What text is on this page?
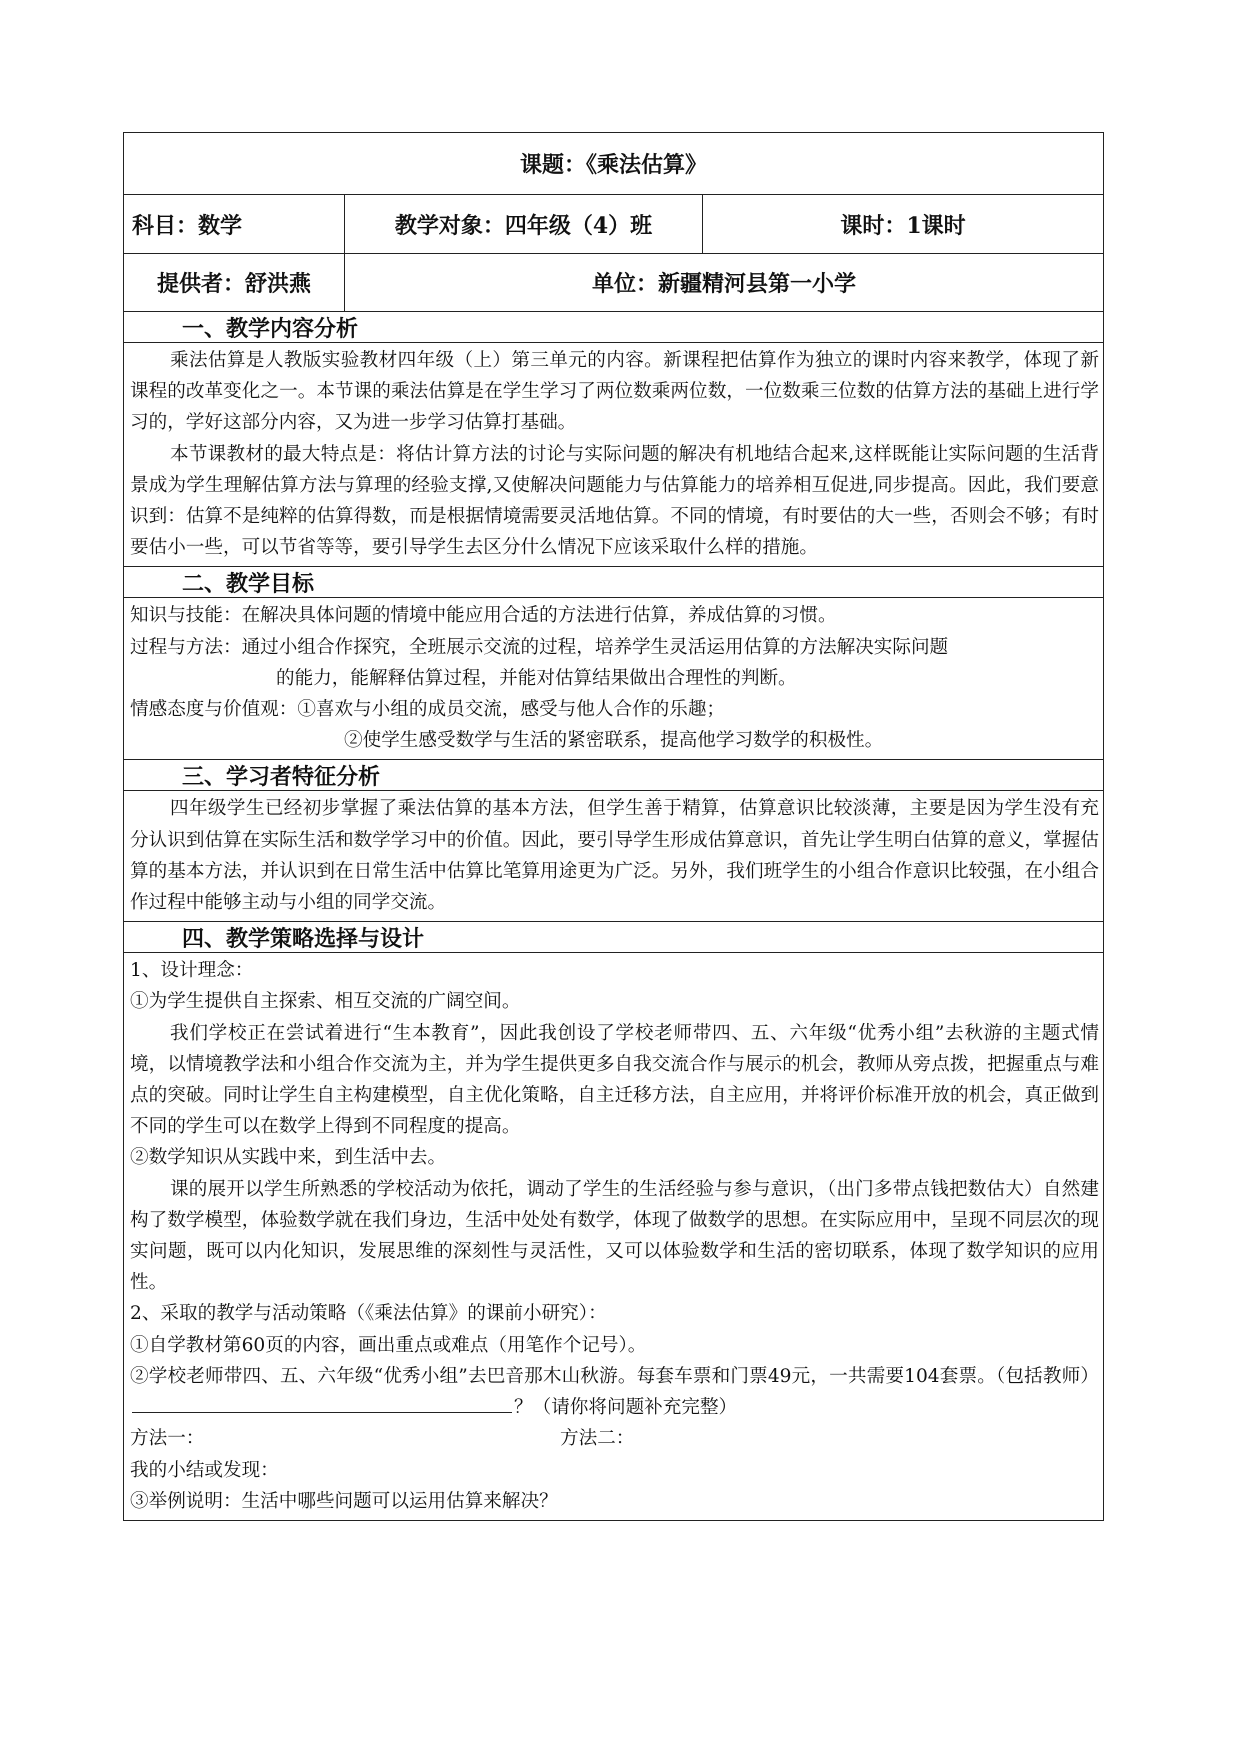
课题：《乘法估算》
科目：数学	教学对象：四年级（4）班	课时：1课时
提供者：舒洪燕	单位：新疆精河县第一小学
一、教学内容分析

乘法估算是人教版实验教材四年级（上）第三单元的内容。新课程把估算作为独立的课时内容来教学，体现了新课程的改革变化之一。本节课的乘法估算是在学生学习了两位数乘两位数，一位数乘三位数的估算方法的基础上进行学习的，学好这部分内容，又为进一步学习估算打基础。

本节课教材的最大特点是：将估计算方法的讨论与实际问题的解决有机地结合起来,这样既能让实际问题的生活背景成为学生理解估算方法与算理的经验支撑,又使解决问题能力与估算能力的培养相互促进,同步提高。因此，我们要意识到：估算不是纯粹的估算得数，而是根据情境需要灵活地估算。不同的情境，有时要估的大一些，否则会不够；有时要估小一些，可以节省等等，要引导学生去区分什么情况下应该采取什么样的措施。

二、教学目标

知识与技能：在解决具体问题的情境中能应用合适的方法进行估算，养成估算的习惯。

过程与方法：通过小组合作探究，全班展示交流的过程，培养学生灵活运用估算的方法解决实际问题

的能力，能解释估算过程，并能对估算结果做出合理性的判断。

情感态度与价值观：①喜欢与小组的成员交流，感受与他人合作的乐趣；

②使学生感受数学与生活的紧密联系，提高他学习数学的积极性。

三、学习者特征分析

四年级学生已经初步掌握了乘法估算的基本方法，但学生善于精算，估算意识比较淡薄，主要是因为学生没有充分认识到估算在实际生活和数学学习中的价值。因此，要引导学生形成估算意识，首先让学生明白估算的意义，掌握估算的基本方法，并认识到在日常生活中估算比笔算用途更为广泛。另外，我们班学生的小组合作意识比较强，在小组合作过程中能够主动与小组的同学交流。

四、教学策略选择与设计

1、设计理念：

①为学生提供自主探索、相互交流的广阔空间。

我们学校正在尝试着进行“生本教育”，因此我创设了学校老师带四、五、六年级“优秀小组”去秋游的主题式情境，以情境教学法和小组合作交流为主，并为学生提供更多自我交流合作与展示的机会，教师从旁点拨，把握重点与难点的突破。同时让学生自主构建模型，自主优化策略，自主迁移方法，自主应用，并将评价标准开放的机会，真正做到不同的学生可以在数学上得到不同程度的提高。

②数学知识从实践中来，到生活中去。

课的展开以学生所熟悉的学校活动为依托，调动了学生的生活经验与参与意识，（出门多带点钱把数估大）自然建构了数学模型，体验数学就在我们身边，生活中处处有数学，体现了做数学的思想。在实际应用中，呈现不同层次的现实问题，既可以内化知识，发展思维的深刻性与灵活性，又可以体验数学和生活的密切联系，体现了数学知识的应用性。

2、采取的教学与活动策略（《乘法估算》的课前小研究）：

①自学教材第60页的内容，画出重点或难点（用笔作个记号）。

②学校老师带四、五、六年级“优秀小组”去巴音那木山秋游。每套车票和门票49元，一共需要104套票。（包括教师）？（请你将问题补充完整）

方法一：	方法二：

我的小结或发现：

③举例说明：生活中哪些问题可以运用估算来解决？
